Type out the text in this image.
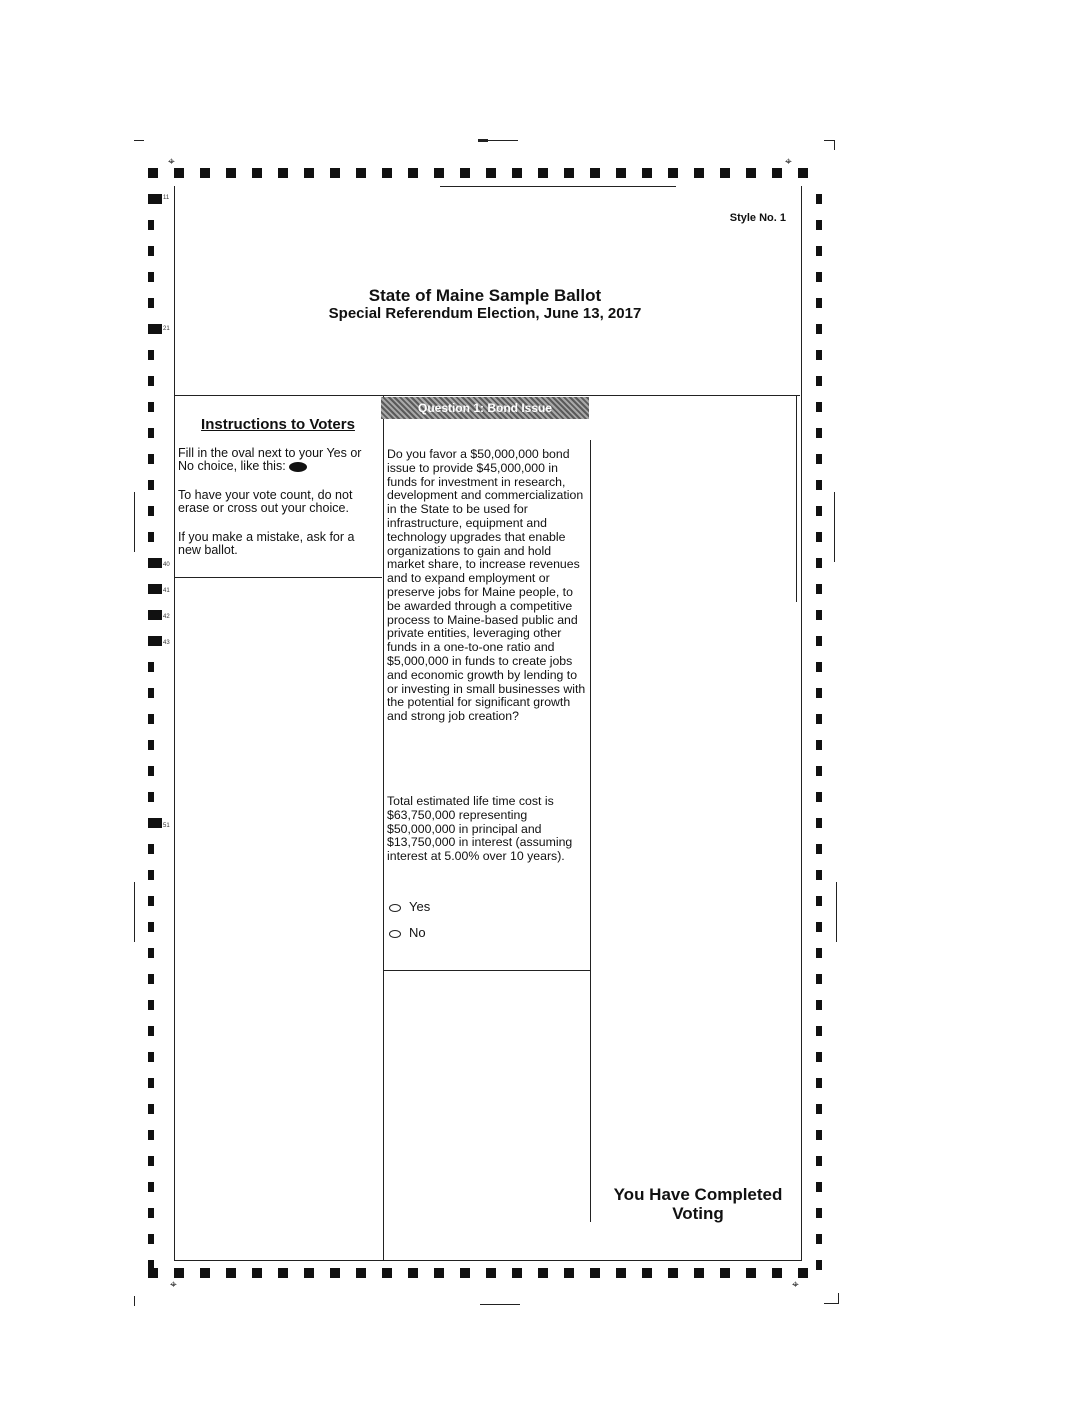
⌖	⌖
⌖	⌖
Style No. 1
State of Maine Sample Ballot
Special Referendum Election, June 13, 2017
Instructions to Voters
Fill in the oval next to your Yes or No choice, like this:
To have your vote count, do not erase or cross out your choice.
If you make a mistake, ask for a new ballot.
Question 1: Bond Issue
Do you favor a $50,000,000 bond issue to provide $45,000,000 in funds for investment in research, development and commercialization in the State to be used for infrastructure, equipment and technology upgrades that enable organizations to gain and hold market share, to increase revenues and to expand employment or preserve jobs for Maine people, to be awarded through a competitive process to Maine-based public and private entities, leveraging other funds in a one-to-one ratio and $5,000,000 in funds to create jobs and economic growth by lending to or investing in small businesses with the potential for significant growth and strong job creation?
Total estimated life time cost is $63,750,000 representing $50,000,000 in principal and $13,750,000 in interest (assuming interest at 5.00% over 10 years).
Yes
No
You Have Completed Voting
11
21
40
41
42
43
51
